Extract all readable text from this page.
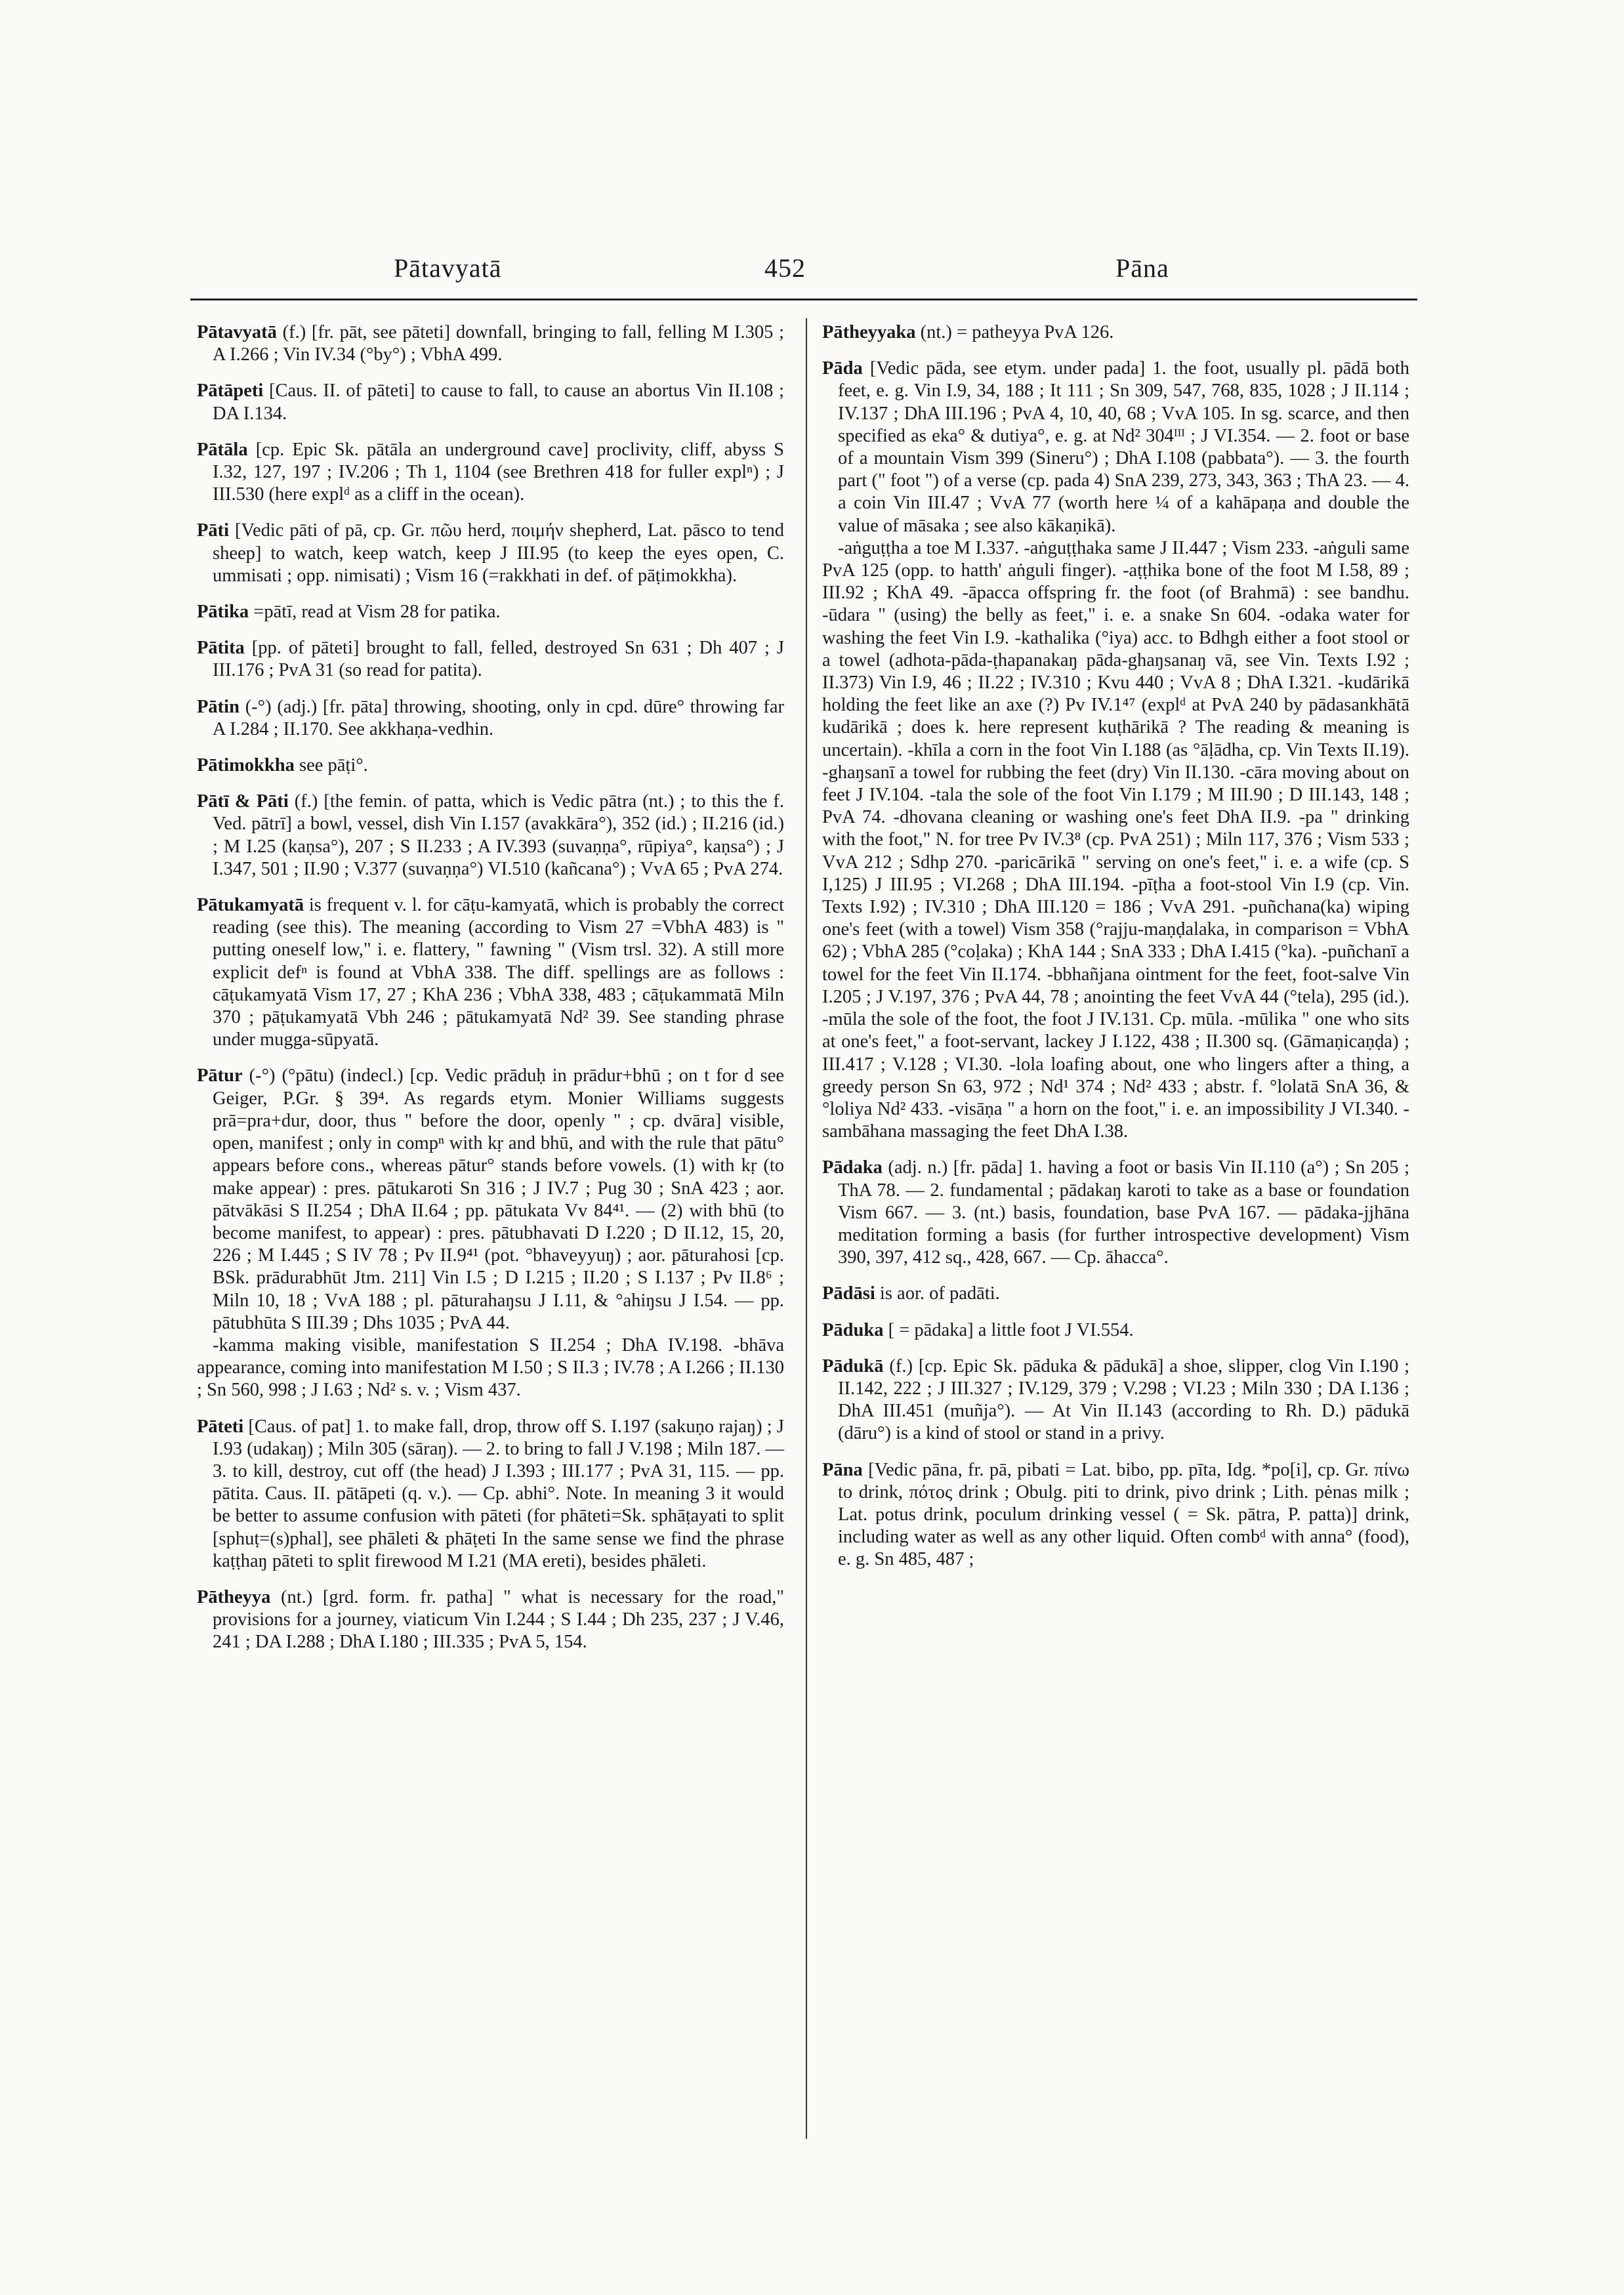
Pātavyatā	452	Pāna

Pātavyatā (f.) [fr. pāt, see pāteti] downfall, bringing to fall, felling M I.305 ; A I.266 ; Vin IV.34 (°by°) ; VbhA 499.

Pātāpeti [Caus. II. of pāteti] to cause to fall, to cause an abortus Vin II.108 ; DA I.134.

Pātāla [cp. Epic Sk. pātāla an underground cave] proclivity, cliff, abyss S I.32, 127, 197 ; IV.206 ; Th 1, 1104 (see Brethren 418 for fuller explⁿ) ; J III.530 (here explᵈ as a cliff in the ocean).

Pāti [Vedic pāti of pā, cp. Gr. πῶυ herd, ποιμήν shepherd, Lat. pāsco to tend sheep] to watch, keep watch, keep J III.95 (to keep the eyes open, C. ummisati ; opp. nimisati) ; Vism 16 (=rakkhati in def. of pāṭimokkha).

Pātika =pātī, read at Vism 28 for patika.

Pātita [pp. of pāteti] brought to fall, felled, destroyed Sn 631 ; Dh 407 ; J III.176 ; PvA 31 (so read for patita).

Pātin (-°) (adj.) [fr. pāta] throwing, shooting, only in cpd. dūre° throwing far A I.284 ; II.170. See akkhaṇa-vedhin.

Pātimokkha see pāṭi°.

Pātī & Pāti (f.) [the femin. of patta, which is Vedic pātra (nt.) ; to this the f. Ved. pātrī] a bowl, vessel, dish Vin I.157 (avakkāra°), 352 (id.) ; II.216 (id.) ; M I.25 (kaṇsa°), 207 ; S II.233 ; A IV.393 (suvaṇṇa°, rūpiya°, kaṇsa°) ; J I.347, 501 ; II.90 ; V.377 (suvaṇṇa°) VI.510 (kañcana°) ; VvA 65 ; PvA 274.

Pātukamyatā is frequent v. l. for cāṭu-kamyatā, which is probably the correct reading (see this). The meaning (according to Vism 27 =VbhA 483) is " putting oneself low," i. e. flattery, " fawning " (Vism trsl. 32). A still more explicit defⁿ is found at VbhA 338. The diff. spellings are as follows : cāṭukamyatā Vism 17, 27 ; KhA 236 ; VbhA 338, 483 ; cāṭukammatā Miln 370 ; pāṭukamyatā Vbh 246 ; pātukamyatā Nd² 39. See standing phrase under mugga-sūpyatā.

Pātur (-°) (°pātu) (indecl.) [cp. Vedic prāduḥ in prādur+bhū ; on t for d see Geiger, P.Gr. § 39⁴. As regards etym. Monier Williams suggests prā=pra+dur, door, thus " before the door, openly " ; cp. dvāra] visible, open, manifest ; only in compⁿ with kṛ and bhū, and with the rule that pātu° appears before cons., whereas pātur° stands before vowels. (1) with kṛ (to make appear) : pres. pātukaroti Sn 316 ; J IV.7 ; Pug 30 ; SnA 423 ; aor. pātvākāsi S II.254 ; DhA II.64 ; pp. pātukata Vv 84⁴¹. — (2) with bhū (to become manifest, to appear) : pres. pātubhavati D I.220 ; D II.12, 15, 20, 226 ; M I.445 ; S IV 78 ; Pv II.9⁴¹ (pot. °bhaveyyuŋ) ; aor. pāturahosi [cp. BSk. prādurabhūt Jtm. 211] Vin I.5 ; D I.215 ; II.20 ; S I.137 ; Pv II.8⁶ ; Miln 10, 18 ; VvA 188 ; pl. pāturahaŋsu J I.11, & °ahiŋsu J I.54. — pp. pātubhūta S III.39 ; Dhs 1035 ; PvA 44.

-kamma making visible, manifestation S II.254 ; DhA IV.198. -bhāva appearance, coming into manifestation M I.50 ; S II.3 ; IV.78 ; A I.266 ; II.130 ; Sn 560, 998 ; J I.63 ; Nd² s. v. ; Vism 437.

Pāteti [Caus. of pat] 1. to make fall, drop, throw off S. I.197 (sakuṇo rajaŋ) ; J I.93 (udakaŋ) ; Miln 305 (sāraŋ). — 2. to bring to fall J V.198 ; Miln 187. — 3. to kill, destroy, cut off (the head) J I.393 ; III.177 ; PvA 31, 115. — pp. pātita. Caus. II. pātāpeti (q. v.). — Cp. abhi°. Note. In meaning 3 it would be better to assume confusion with pāteti (for phāteti=Sk. sphāṭayati to split [sphuṭ=(s)phal], see phāleti & phāṭeti In the same sense we find the phrase kaṭṭhaŋ pāteti to split firewood M I.21 (MA ereti), besides phāleti.

Pātheyya (nt.) [grd. form. fr. patha] " what is necessary for the road," provisions for a journey, viaticum Vin I.244 ; S I.44 ; Dh 235, 237 ; J V.46, 241 ; DA I.288 ; DhA I.180 ; III.335 ; PvA 5, 154.

Pātheyyaka (nt.) = patheyya PvA 126.

Pāda [Vedic pāda, see etym. under pada] 1. the foot, usually pl. pādā both feet, e. g. Vin I.9, 34, 188 ; It 111 ; Sn 309, 547, 768, 835, 1028 ; J II.114 ; IV.137 ; DhA III.196 ; PvA 4, 10, 40, 68 ; VvA 105. In sg. scarce, and then specified as eka° & dutiya°, e. g. at Nd² 304ᴵᴵᴵ ; J VI.354. — 2. foot or base of a mountain Vism 399 (Sineru°) ; DhA I.108 (pabbata°). — 3. the fourth part (" foot ") of a verse (cp. pada 4) SnA 239, 273, 343, 363 ; ThA 23. — 4. a coin Vin III.47 ; VvA 77 (worth here ¼ of a kahāpaṇa and double the value of māsaka ; see also kākaṇikā).

-aṅguṭṭha a toe M I.337. -aṅguṭṭhaka same J II.447 ; Vism 233. -aṅguli same PvA 125 (opp. to hatth' aṅguli finger). -aṭṭhika bone of the foot M I.58, 89 ; III.92 ; KhA 49. -āpacca offspring fr. the foot (of Brahmā) : see bandhu. -ūdara " (using) the belly as feet," i. e. a snake Sn 604. -odaka water for washing the feet Vin I.9. -kathalika (°iya) acc. to Bdhgh either a foot stool or a towel (adhota-pāda-ṭhapanakaŋ pāda-ghaŋsanaŋ vā, see Vin. Texts I.92 ; II.373) Vin I.9, 46 ; II.22 ; IV.310 ; Kvu 440 ; VvA 8 ; DhA I.321. -kudārikā holding the feet like an axe (?) Pv IV.1⁴⁷ (explᵈ at PvA 240 by pādasankhātā kudārikā ; does k. here represent kuṭhārikā ? The reading & meaning is uncertain). -khīla a corn in the foot Vin I.188 (as °āḷādha, cp. Vin Texts II.19). -ghaŋsanī a towel for rubbing the feet (dry) Vin II.130. -cāra moving about on feet J IV.104. -tala the sole of the foot Vin I.179 ; M III.90 ; D III.143, 148 ; PvA 74. -dhovana cleaning or washing one's feet DhA II.9. -pa " drinking with the foot," N. for tree Pv IV.3⁸ (cp. PvA 251) ; Miln 117, 376 ; Vism 533 ; VvA 212 ; Sdhp 270. -paricārikā " serving on one's feet," i. e. a wife (cp. S I,125) J III.95 ; VI.268 ; DhA III.194. -pīṭha a foot-stool Vin I.9 (cp. Vin. Texts I.92) ; IV.310 ; DhA III.120 = 186 ; VvA 291. -puñchana(ka) wiping one's feet (with a towel) Vism 358 (°rajju-maṇḍalaka, in comparison = VbhA 62) ; VbhA 285 (°coḷaka) ; KhA 144 ; SnA 333 ; DhA I.415 (°ka). -puñchanī a towel for the feet Vin II.174. -bbhañjana ointment for the feet, foot-salve Vin I.205 ; J V.197, 376 ; PvA 44, 78 ; anointing the feet VvA 44 (°tela), 295 (id.). -mūla the sole of the foot, the foot J IV.131. Cp. mūla. -mūlika " one who sits at one's feet," a foot-servant, lackey J I.122, 438 ; II.300 sq. (Gāmaṇicaṇḍa) ; III.417 ; V.128 ; VI.30. -lola loafing about, one who lingers after a thing, a greedy person Sn 63, 972 ; Nd¹ 374 ; Nd² 433 ; abstr. f. °lolatā SnA 36, & °loliya Nd² 433. -visāṇa " a horn on the foot," i. e. an impossibility J VI.340. -sambāhana massaging the feet DhA I.38.

Pādaka (adj. n.) [fr. pāda] 1. having a foot or basis Vin II.110 (a°) ; Sn 205 ; ThA 78. — 2. fundamental ; pādakaŋ karoti to take as a base or foundation Vism 667. — 3. (nt.) basis, foundation, base PvA 167. — pādaka-jjhāna meditation forming a basis (for further introspective development) Vism 390, 397, 412 sq., 428, 667. — Cp. āhacca°.

Pādāsi is aor. of padāti.

Pāduka [ = pādaka] a little foot J VI.554.

Pādukā (f.) [cp. Epic Sk. pāduka & pādukā] a shoe, slipper, clog Vin I.190 ; II.142, 222 ; J III.327 ; IV.129, 379 ; V.298 ; VI.23 ; Miln 330 ; DA I.136 ; DhA III.451 (muñja°). — At Vin II.143 (according to Rh. D.) pādukā (dāru°) is a kind of stool or stand in a privy.

Pāna [Vedic pāna, fr. pā, pibati = Lat. bibo, pp. pīta, Idg. *po[i], cp. Gr. πίνω to drink, πότος drink ; Obulg. piti to drink, pivo drink ; Lith. pėnas milk ; Lat. potus drink, poculum drinking vessel ( = Sk. pātra, P. patta)] drink, including water as well as any other liquid. Often combᵈ with anna° (food), e. g. Sn 485, 487 ;
